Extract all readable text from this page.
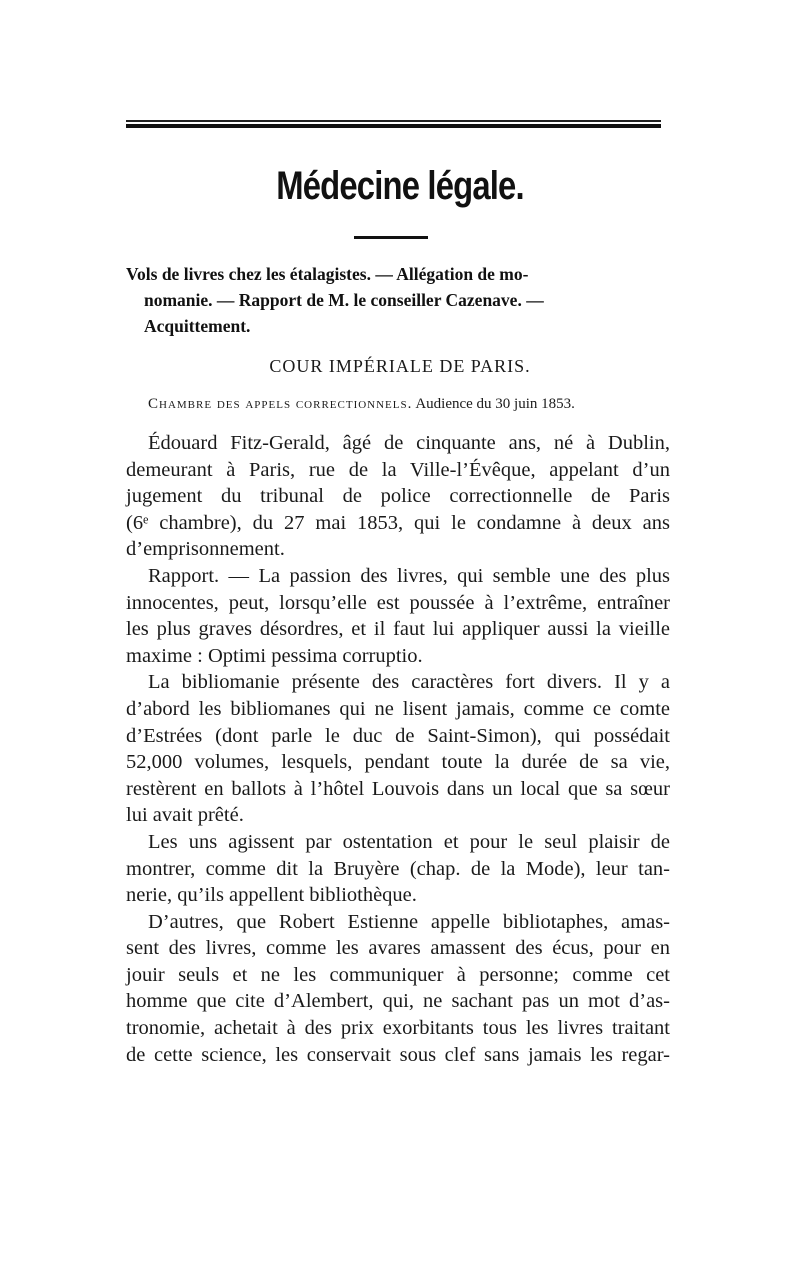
Médecine légale.
Vols de livres chez les étalagistes. — Allégation de mo-
nomanie. — Rapport de M. le conseiller Cazenave. —
Acquittement.
COUR IMPÉRIALE DE PARIS.
Chambre des appels correctionnels. Audience du 30 juin 1853.
Édouard Fitz-Gerald, âgé de cinquante ans, né à Dublin,
demeurant à Paris, rue de la Ville-l’Évêque, appelant d’un
jugement du tribunal de police correctionnelle de Paris
(6ᵉ chambre), du 27 mai 1853, qui le condamne à deux ans
d’emprisonnement.
Rapport. — La passion des livres, qui semble une des plus
innocentes, peut, lorsqu’elle est poussée à l’extrême, entraîner
les plus graves désordres, et il faut lui appliquer aussi la vieille
maxime : Optimi pessima corruptio.
La bibliomanie présente des caractères fort divers. Il y a
d’abord les bibliomanes qui ne lisent jamais, comme ce comte
d’Estrées (dont parle le duc de Saint-Simon), qui possédait
52,000 volumes, lesquels, pendant toute la durée de sa vie,
restèrent en ballots à l’hôtel Louvois dans un local que sa sœur
lui avait prêté.
Les uns agissent par ostentation et pour le seul plaisir de
montrer, comme dit la Bruyère (chap. de la Mode), leur tan-
nerie, qu’ils appellent bibliothèque.
D’autres, que Robert Estienne appelle bibliotaphes, amas-
sent des livres, comme les avares amassent des écus, pour en
jouir seuls et ne les communiquer à personne; comme cet
homme que cite d’Alembert, qui, ne sachant pas un mot d’as-
tronomie, achetait à des prix exorbitants tous les livres traitant
de cette science, les conservait sous clef sans jamais les regar-
